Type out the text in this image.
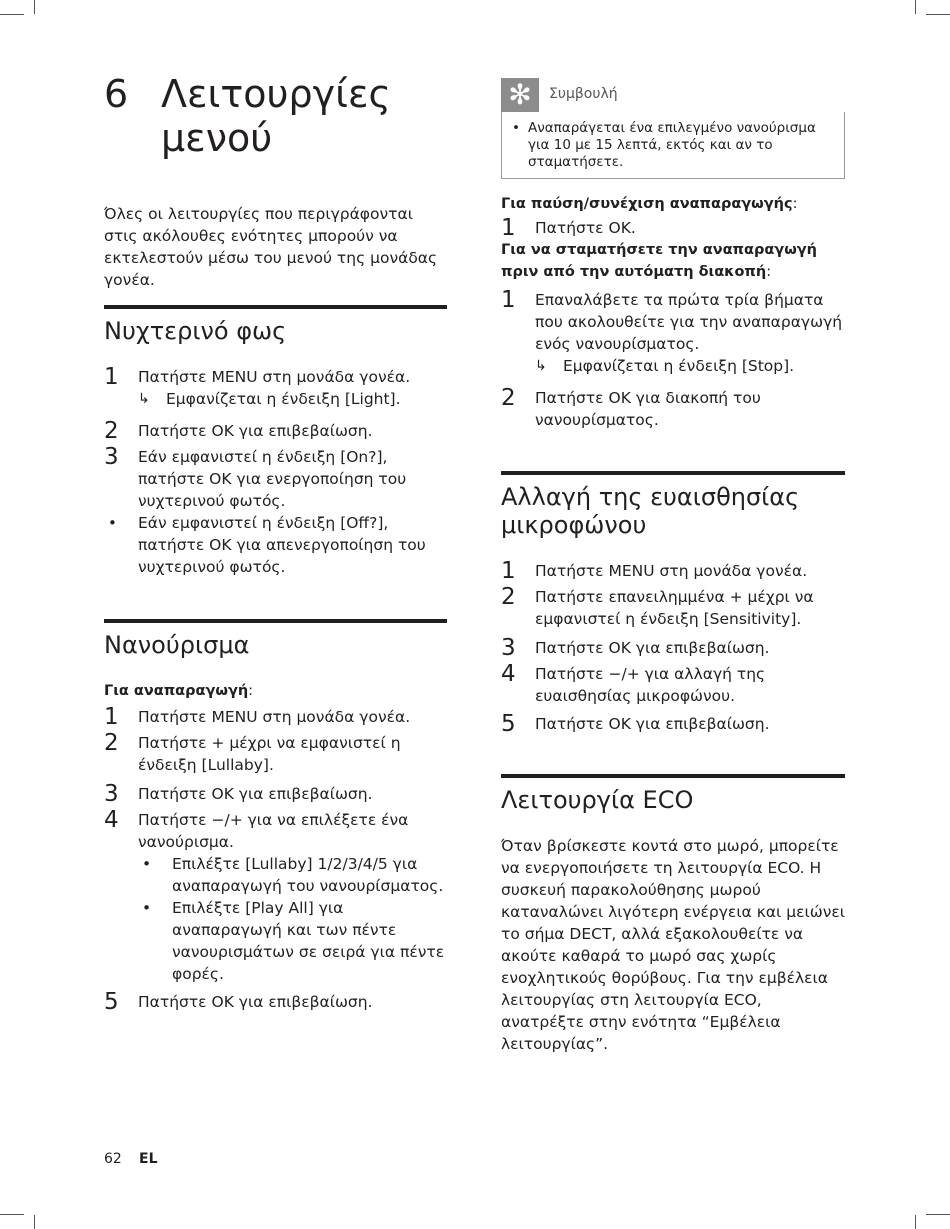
6 Λειτουργίες
μενού

Όλες οι λειτουργίες που περιγράφονται στις ακόλουθες ενότητες μπορούν να εκτελεστούν μέσω του μενού της μονάδας γονέα.

Νυχτερινό φως
1 Πατήστε MENU στη μονάδα γονέα.
↳ Εμφανίζεται η ένδειξη [Light].
2 Πατήστε OK για επιβεβαίωση.
3 Εάν εμφανιστεί η ένδειξη [On?], πατήστε OK για ενεργοποίηση του νυχτερινού φωτός.
• Εάν εμφανιστεί η ένδειξη [Off?], πατήστε OK για απενεργοποίηση του νυχτερινού φωτός.
Νανούρισμα

Για αναπαραγωγή:

1 Πατήστε MENU στη μονάδα γονέα.
2 Πατήστε + μέχρι να εμφανιστεί η ένδειξη [Lullaby].
3 Πατήστε OK για επιβεβαίωση.
4 Πατήστε −/+ για να επιλέξετε ένα νανούρισμα.
• Επιλέξτε [Lullaby] 1/2/3/4/5 για αναπαραγωγή του νανουρίσματος.
• Επιλέξτε [Play All] για αναπαραγωγή και των πέντε νανουρισμάτων σε σειρά για πέντε φορές.
5 Πατήστε OK για επιβεβαίωση.
✻	Συμβουλή

• Αναπαράγεται ένα επιλεγμένο νανούρισμα για 10 με 15 λεπτά, εκτός και αν το σταματήσετε.

Για παύση/συνέχιση αναπαραγωγής:

1 Πατήστε OK.

Για να σταματήσετε την αναπαραγωγή πριν από την αυτόματη διακοπή:

1 Επαναλάβετε τα πρώτα τρία βήματα που ακολουθείτε για την αναπαραγωγή ενός νανουρίσματος.
↳ Εμφανίζεται η ένδειξη [Stop].
2 Πατήστε OK για διακοπή του νανουρίσματος.
Αλλαγή της ευαισθησίας
μικροφώνου
1 Πατήστε MENU στη μονάδα γονέα.
2 Πατήστε επανειλημμένα + μέχρι να εμφανιστεί η ένδειξη [Sensitivity].
3 Πατήστε OK για επιβεβαίωση.
4 Πατήστε −/+ για αλλαγή της ευαισθησίας μικροφώνου.
5 Πατήστε OK για επιβεβαίωση.
Λειτουργία ECO

Όταν βρίσκεστε κοντά στο μωρό, μπορείτε να ενεργοποιήσετε τη λειτουργία ECO. Η συσκευή παρακολούθησης μωρού καταναλώνει λιγότερη ενέργεια και μειώνει το σήμα DECT, αλλά εξακολουθείτε να ακούτε καθαρά το μωρό σας χωρίς ενοχλητικούς θορύβους. Για την εμβέλεια λειτουργίας στη λειτουργία ECO, ανατρέξτε στην ενότητα “Εμβέλεια λειτουργίας”.

62 EL
